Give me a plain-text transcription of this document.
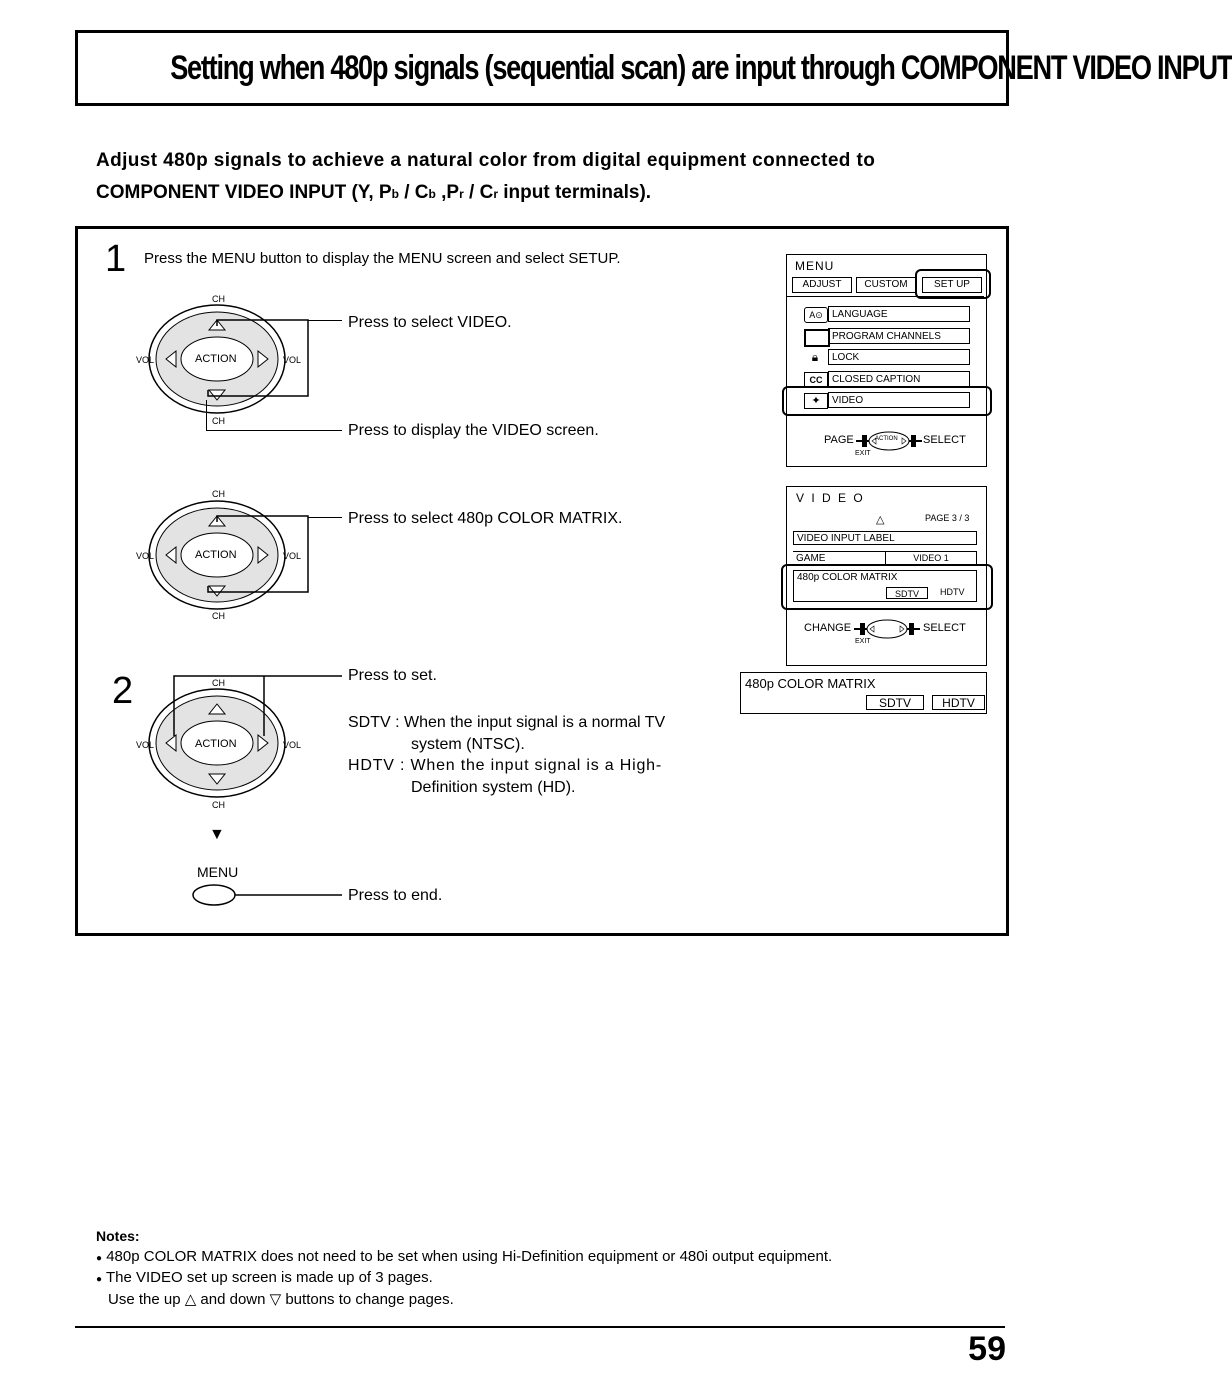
Setting when 480p signals (sequential scan) are input through COMPONENT VIDEO INPUT
Adjust 480p signals to achieve a natural color from digital equipment connected to
COMPONENT VIDEO INPUT (Y, Pb / Cb ,Pr / Cr input terminals).
1 Press the MENU button to display the MENU screen and select SETUP.
CH
CH
VOL	VOL
ACTION
Press to select VIDEO.
Press to display the VIDEO screen.
CH
CH
VOL	VOL
ACTION
Press to select 480p COLOR MATRIX.
2	CH
CH
VOL	VOL
ACTION
Press to set.
SDTV : When the input signal is a normal TV
system (NTSC).
HDTV : When the input signal is a High-
Definition system (HD).
▼
MENU
Press to end.
MENU
ADJUST	CUSTOM	SET UP
A⊙ LANGUAGE
PROGRAM CHANNELS
🔒︎	LOCK
CC CLOSED CAPTION
✦	VIDEO
PAGE	ACTION SELECT
EXIT
V I D E O
△	PAGE 3 / 3
VIDEO INPUT LABEL
GAME	VIDEO 1
480p COLOR MATRIX
SDTV	HDTV
CHANGE	SELECT
EXIT
480p COLOR MATRIX
SDTV	HDTV
Notes:
● 480p COLOR MATRIX does not need to be set when using Hi-Definition equipment or 480i output equipment.
● The VIDEO set up screen is made up of 3 pages.
Use the up △ and down ▽ buttons to change pages.
59
